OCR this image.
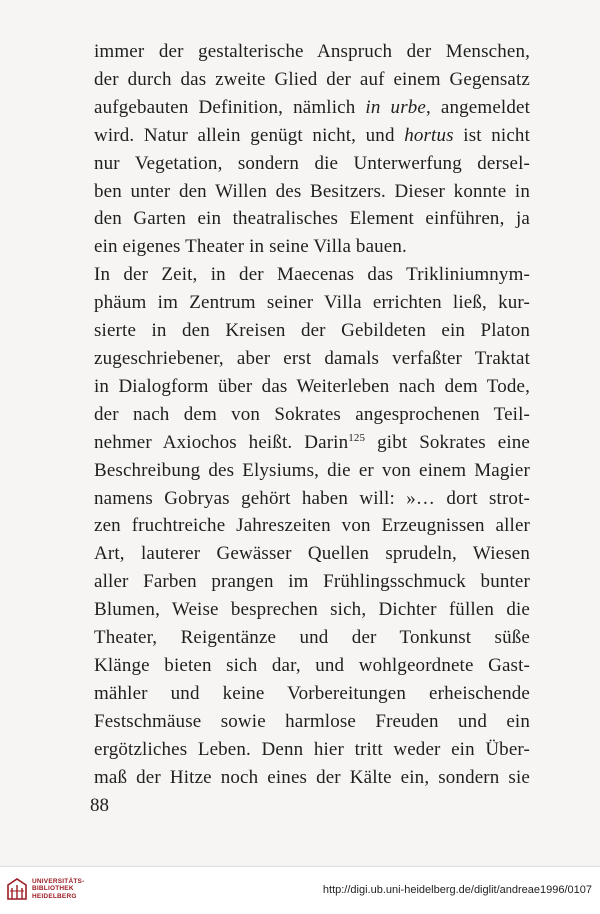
immer der gestalterische Anspruch der Menschen,
der durch das zweite Glied der auf einem Gegensatz
aufgebauten Definition, nämlich in urbe, angemeldet
wird. Natur allein genügt nicht, und hortus ist nicht
nur Vegetation, sondern die Unterwerfung dersel-
ben unter den Willen des Besitzers. Dieser konnte in
den Garten ein theatralisches Element einführen, ja
ein eigenes Theater in seine Villa bauen.

In der Zeit, in der Maecenas das Trikliniumnym-
phäum im Zentrum seiner Villa errichten ließ, kur-
sierte in den Kreisen der Gebildeten ein Platon
zugeschriebener, aber erst damals verfaßter Traktat
in Dialogform über das Weiterleben nach dem Tode,
der nach dem von Sokrates angesprochenen Teil-
nehmer Axiochos heißt. Darin$^{125}$ gibt Sokrates eine
Beschreibung des Elysiums, die er von einem Magier
namens Gobryas gehört haben will: »… dort strot-
zen fruchtreiche Jahreszeiten von Erzeugnissen aller
Art, lauterer Gewässer Quellen sprudeln, Wiesen
aller Farben prangen im Frühlingsschmuck bunter
Blumen, Weise besprechen sich, Dichter füllen die
Theater, Reigentänze und der Tonkunst süße
Klänge bieten sich dar, und wohlgeordnete Gast-
mähler und keine Vorbereitungen erheischende
Festschmäuse sowie harmlose Freuden und ein
ergötzliches Leben. Denn hier tritt weder ein Über-
maß der Hitze noch eines der Kälte ein, sondern sie

88
UNIVERSITÄTS-
BIBLIOTHEK
HEIDELBERG
http://digi.ub.uni-heidelberg.de/diglit/andreae1996/0107
